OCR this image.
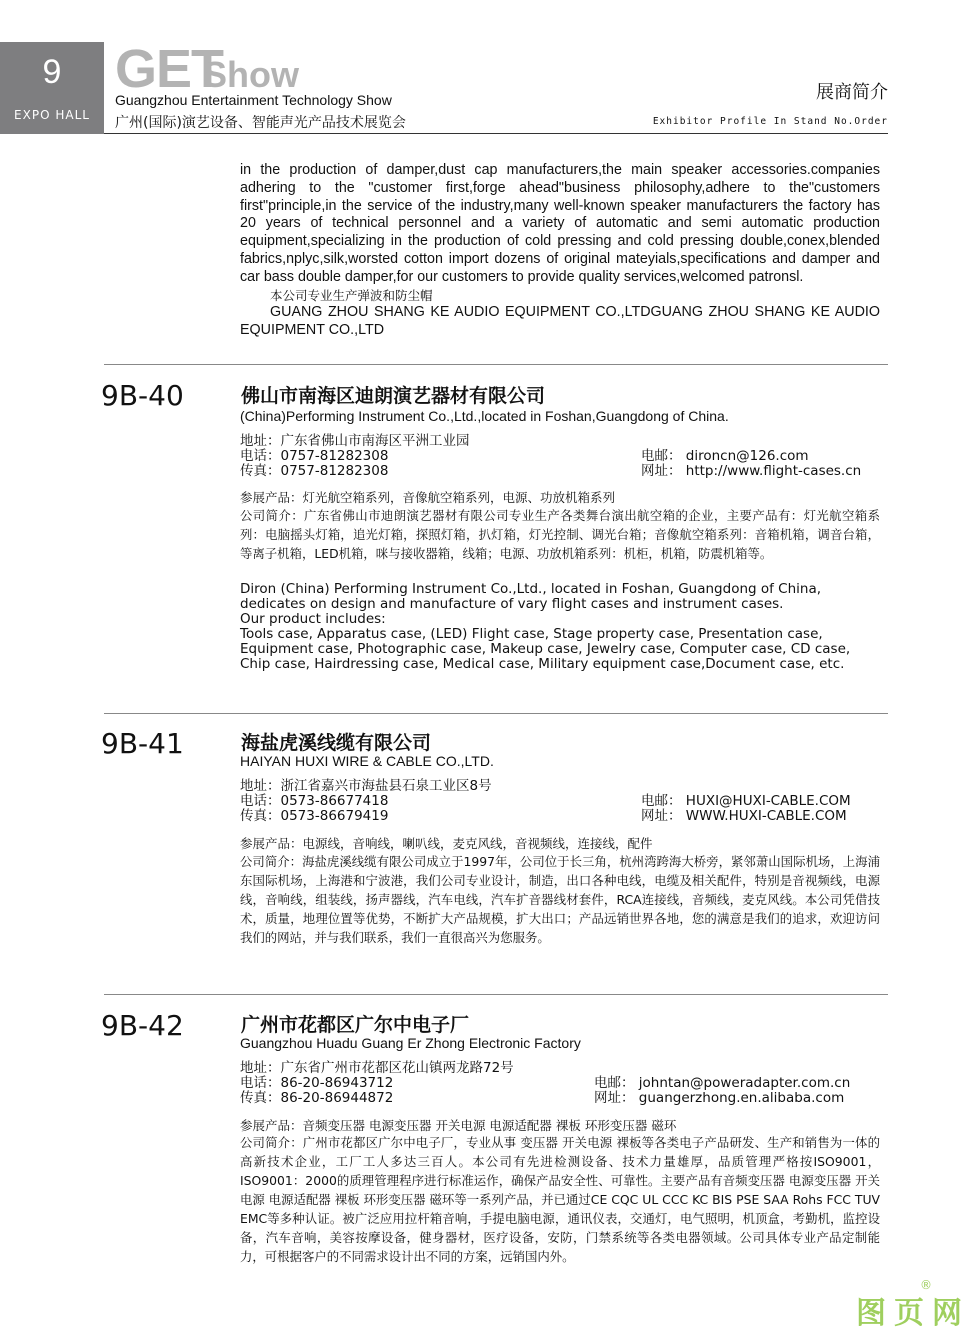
9
EXPO HALL
GET
Show
Guangzhou Entertainment Technology Show
广州(国际)演艺设备、智能声光产品技术展览会
展商简介
Exhibitor Profile In Stand No.Order

in the production of damper,dust cap manufacturers,the main speaker accessories.companies adhering to the "customer first,forge ahead"business philosophy,adhere to the"customers first"principle,in the service of the industry,many well-known speaker manufacturers the factory has 20 years of technical personnel and a variety of automatic and semi automatic production equipment,specializing in the production of cold pressing and cold pressing double,conex,blended fabrics,nplyc,silk,worsted cotton import dozens of original mateyials,specifications and damper and car bass double damper,for our customers to provide quality services,welcomed patronsl.

本公司专业生产弹波和防尘帽

GUANG ZHOU SHANG KE AUDIO EQUIPMENT CO.,LTDGUANG ZHOU SHANG KE AUDIO EQUIPMENT CO.,LTD

9B-40	佛山市南海区迪朗演艺器材有限公司
(China)Performing Instrument Co.,Ltd.,located in Foshan,Guangdong of China.
地址：广东省佛山市南海区平洲工业园
电话：0757-81282308	电邮： dironcn@126.com
传真：0757-81282308	网址： http://www.flight-cases.cn
参展产品：灯光航空箱系列，音像航空箱系列，电源、功放机箱系列
公司简介：广东省佛山市迪朗演艺器材有限公司专业生产各类舞台演出航空箱的企业，主要产品有：灯光航空箱系列：电脑摇头灯箱，追光灯箱，探照灯箱，扒灯箱，灯光控制、调光台箱；音像航空箱系列：音箱机箱，调音台箱，等离子机箱，LED机箱，咪与接收器箱，线箱；电源、功放机箱系列：机柜，机箱，防震机箱等。

Diron (China) Performing Instrument Co.,Ltd., located in Foshan, Guangdong of China, dedicates on design and manufacture of vary flight cases and instrument cases.

Our product includes:

Tools case, Apparatus case, (LED) Flight case, Stage property case, Presentation case, Equipment case, Photographic case, Makeup case, Jewelry case, Computer case, CD case, Chip case, Hairdressing case, Medical case, Military equipment case,Document case, etc.

9B-41	海盐虎溪线缆有限公司
HAIYAN HUXI WIRE & CABLE CO.,LTD.
地址：浙江省嘉兴市海盐县石泉工业区8号
电话：0573-86677418	电邮： HUXI@HUXI-CABLE.COM
传真：0573-86679419	网址： WWW.HUXI-CABLE.COM
参展产品：电源线，音响线，喇叭线，麦克风线，音视频线，连接线，配件
公司简介：海盐虎溪线缆有限公司成立于1997年，公司位于长三角，杭州湾跨海大桥旁，紧邻萧山国际机场，上海浦东国际机场，上海港和宁波港，我们公司专业设计，制造，出口各种电线，电缆及相关配件，特别是音视频线，电源线，音响线，组装线，扬声器线，汽车电线，汽车扩音器线材套件，RCA连接线，音频线，麦克风线。本公司凭借技术，质量，地理位置等优势，不断扩大产品规模，扩大出口；产品远销世界各地，您的满意是我们的追求，欢迎访问我们的网站，并与我们联系，我们一直很高兴为您服务。
9B-42	广州市花都区广尔中电子厂
Guangzhou Huadu Guang Er Zhong Electronic Factory
地址：广东省广州市花都区花山镇两龙路72号
电话：86-20-86943712	电邮： johntan@poweradapter.com.cn
传真：86-20-86944872	网址： guangerzhong.en.alibaba.com
参展产品：音频变压器 电源变压器 开关电源 电源适配器 裸板 环形变压器 磁环
公司简介：广州市花都区广尔中电子厂，专业从事 变压器 开关电源 裸板等各类电子产品研发、生产和销售为一体的高新技术企业，工厂工人多达三百人。本公司有先进检测设备、技术力量雄厚，品质管理严格按ISO9001，ISO9001：2000的质理管理程序进行标准运作，确保产品安全性、可靠性。主要产品有音频变压器 电源变压器 开关电源 电源适配器 裸板 环形变压器 磁环等一系列产品，并已通过CE CQC UL CCC KC BIS PSE SAA Rohs FCC TUV EMC等多种认证。被广泛应用拉杆箱音响，手提电脑电源，通讯仪表，交通灯，电气照明，机顶盒，考勤机，监控设备，汽车音响，美容按摩设备，健身器材，医疗设备，安防，门禁系统等各类电器领域。公司具体专业产品定制能力，可根据客户的不同需求设计出不同的方案，远销国内外。
图页网
®
